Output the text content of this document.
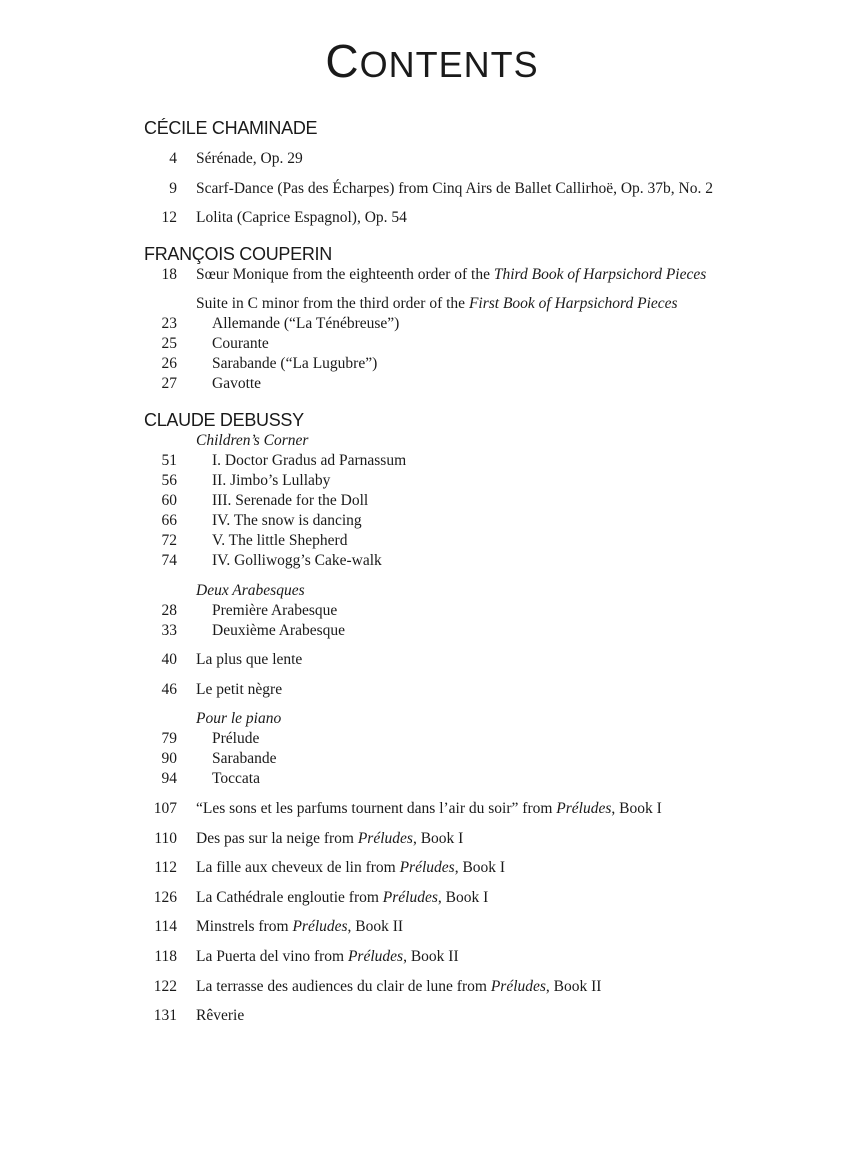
CONTENTS
CÉCILE CHAMINADE
4 Sérénade, Op. 29
9 Scarf-Dance (Pas des Écharpes) from Cinq Airs de Ballet Callirhoë, Op. 37b, No. 2
12 Lolita (Caprice Espagnol), Op. 54
FRANÇOIS COUPERIN
18 Sœur Monique from the eighteenth order of the Third Book of Harpsichord Pieces
Suite in C minor from the third order of the First Book of Harpsichord Pieces
23 Allemande (“La Ténébreuse”)
25 Courante
26 Sarabande (“La Lugubre”)
27 Gavotte
CLAUDE DEBUSSY
Children’s Corner
51 I. Doctor Gradus ad Parnassum
56 II. Jimbo’s Lullaby
60 III. Serenade for the Doll
66 IV. The snow is dancing
72 V. The little Shepherd
74 IV. Golliwogg’s Cake-walk
Deux Arabesques
28 Première Arabesque
33 Deuxième Arabesque
40 La plus que lente
46 Le petit nègre
Pour le piano
79 Prélude
90 Sarabande
94 Toccata
107 “Les sons et les parfums tournent dans l’air du soir” from Préludes, Book I
110 Des pas sur la neige from Préludes, Book I
112 La fille aux cheveux de lin from Préludes, Book I
126 La Cathédrale engloutie from Préludes, Book I
114 Minstrels from Préludes, Book II
118 La Puerta del vino from Préludes, Book II
122 La terrasse des audiences du clair de lune from Préludes, Book II
131 Rêverie
